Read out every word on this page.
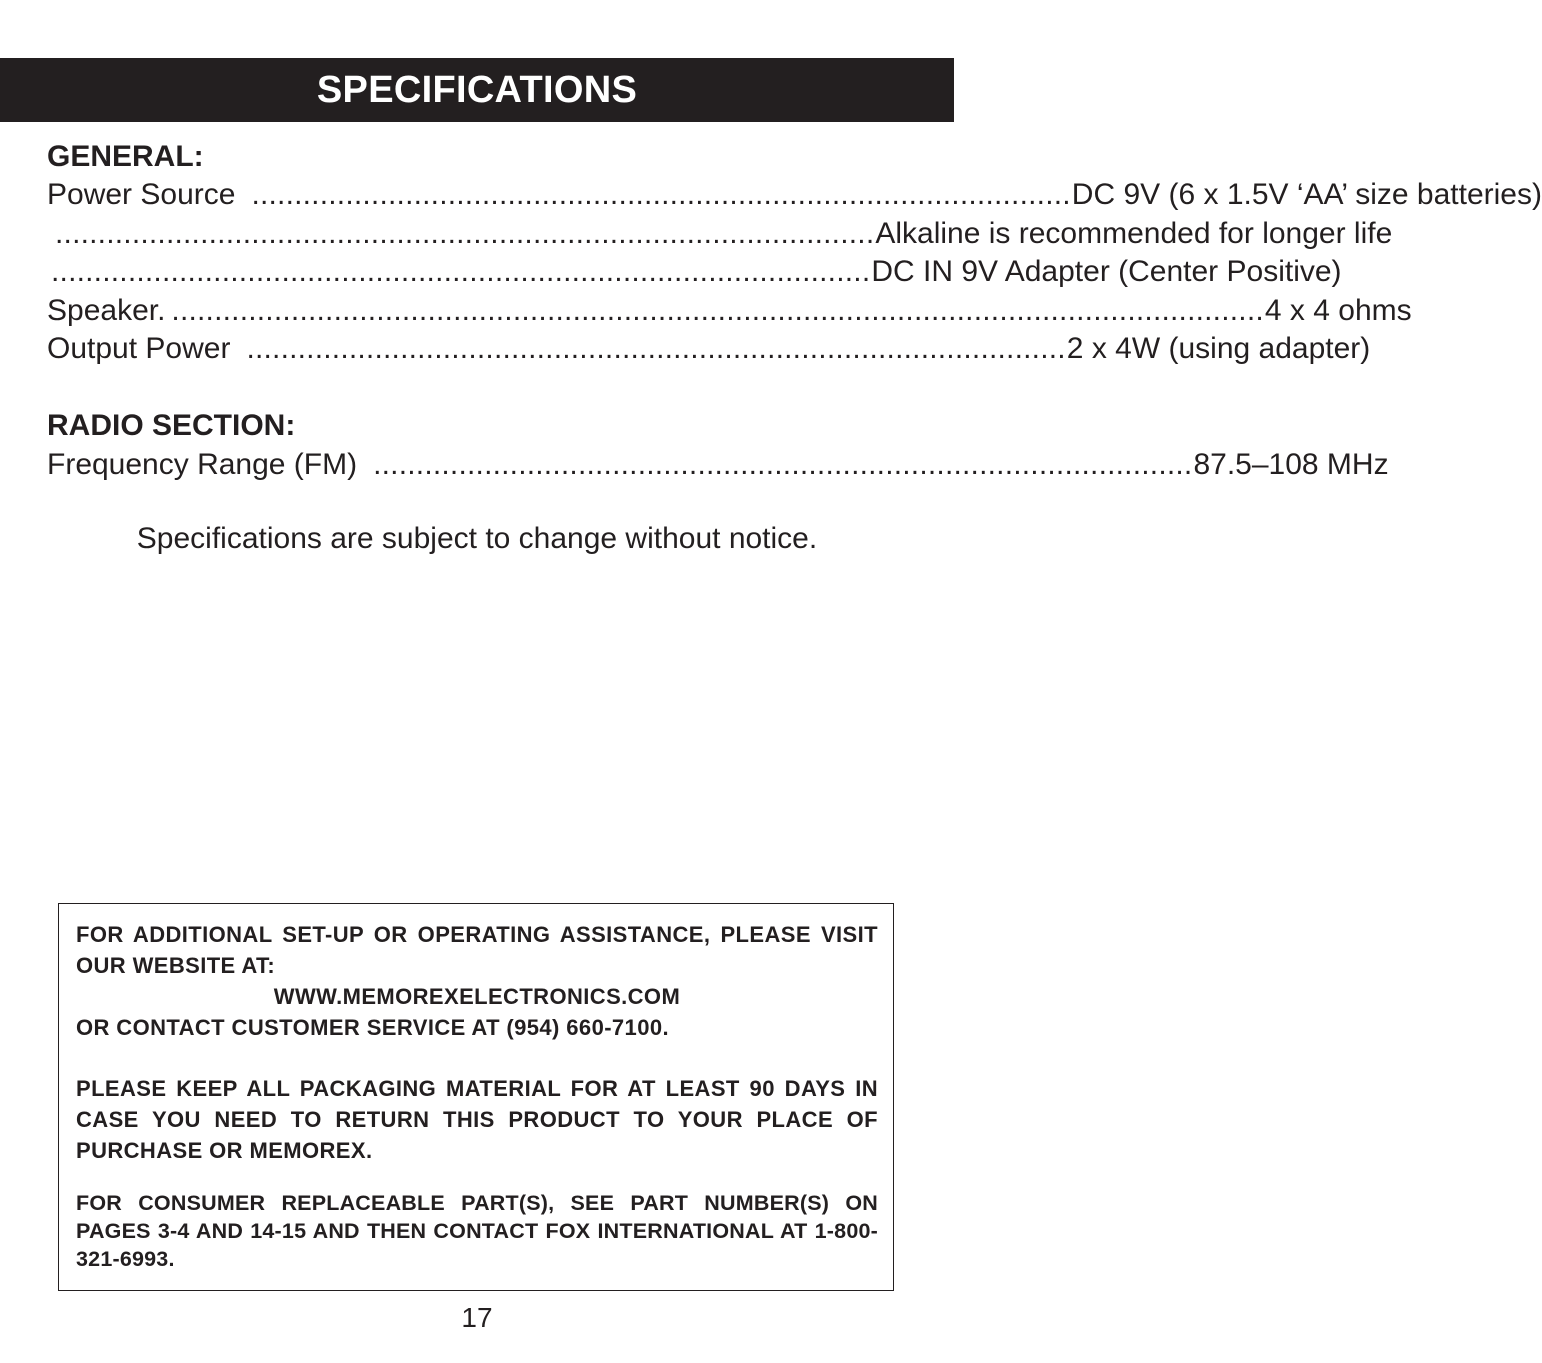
SPECIFICATIONS
GENERAL:
Power Source ................................................................................................ DC 9V (6 x 1.5V ‘AA’ size batteries)
................................................................................................ Alkaline is recommended for longer life
................................................................................................ DC IN 9V Adapter (Center Positive)
Speaker. ................................................................................................................................ 4 x 4 ohms
Output Power ................................................................................................ 2 x 4W (using adapter)
RADIO SECTION:
Frequency Range (FM) ................................................................................................ 87.5–108 MHz
Specifications are subject to change without notice.

FOR ADDITIONAL SET-UP OR OPERATING ASSISTANCE, PLEASE VISIT OUR WEBSITE AT:
WWW.MEMOREXELECTRONICS.COM
OR CONTACT CUSTOMER SERVICE AT (954) 660-7100.

PLEASE KEEP ALL PACKAGING MATERIAL FOR AT LEAST 90 DAYS IN CASE YOU NEED TO RETURN THIS PRODUCT TO YOUR PLACE OF PURCHASE OR MEMOREX.

FOR CONSUMER REPLACEABLE PART(S), SEE PART NUMBER(S) ON PAGES 3-4 AND 14-15 AND THEN CONTACT FOX INTERNATIONAL AT 1-800-321-6993.

17
